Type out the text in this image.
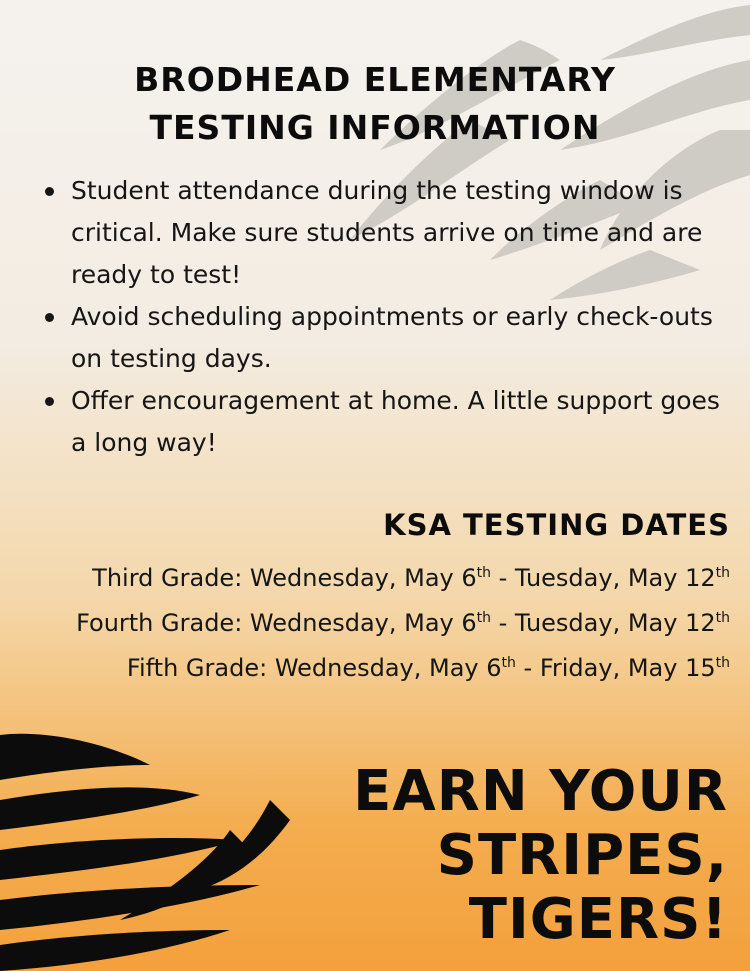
BRODHEAD ELEMENTARY
TESTING INFORMATION
Student attendance during the testing window is critical. Make sure students arrive on time and are ready to test!
Avoid scheduling appointments or early check-outs on testing days.
Offer encouragement at home. A little support goes a long way!
KSA TESTING DATES
Third Grade: Wednesday, May 6th - Tuesday, May 12th
Fourth Grade: Wednesday, May 6th - Tuesday, May 12th
Fifth Grade: Wednesday, May 6th - Friday, May 15th
EARN YOUR
STRIPES,
TIGERS!
